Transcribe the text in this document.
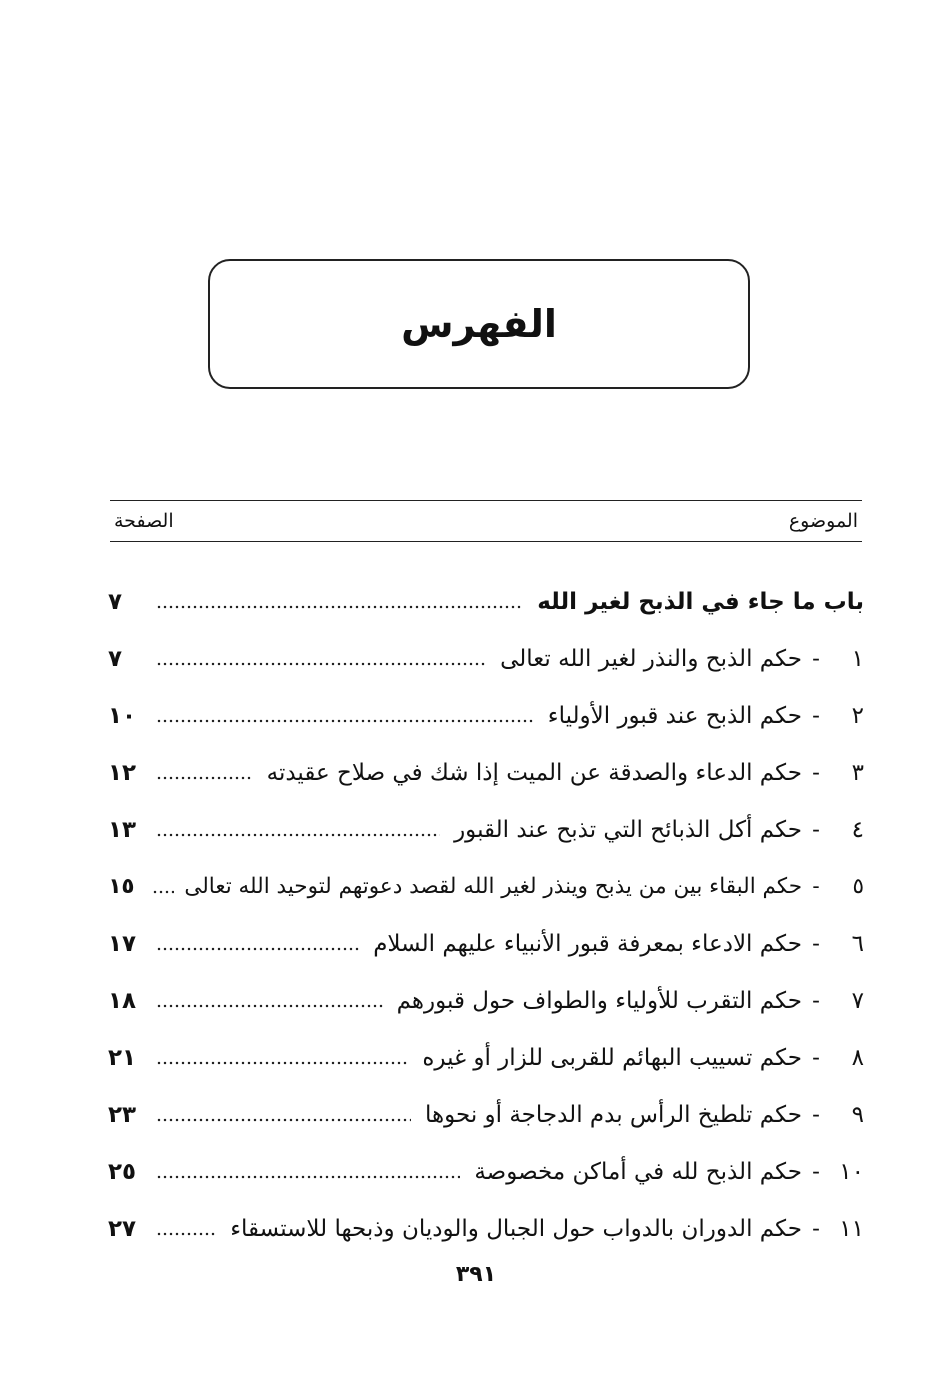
الفهرس
الصفحة	الموضوع
باب ما جاء في الذبح لغير الله
٧
١
-
حكم الذبح والنذر لغير الله تعالى
٧
٢
-
حكم الذبح عند قبور الأولياء
١٠
٣
-
حكم الدعاء والصدقة عن الميت إذا شك في صلاح عقيدته
١٢
٤
-
حكم أكل الذبائح التي تذبح عند القبور
١٣
٥
-
حكم البقاء بين من يذبح وينذر لغير الله لقصد دعوتهم لتوحيد الله تعالى
١٥
٦
-
حكم الادعاء بمعرفة قبور الأنبياء عليهم السلام
١٧
٧
-
حكم التقرب للأولياء والطواف حول قبورهم
١٨
٨
-
حكم تسييب البهائم للقربى للزار أو غيره
٢١
٩
-
حكم تلطيخ الرأس بدم الدجاجة أو نحوها
٢٣
١٠
-
حكم الذبح لله في أماكن مخصوصة
٢٥
١١
-
حكم الدوران بالدواب حول الجبال والوديان وذبحها للاستسقاء
٢٧
٣٩١
